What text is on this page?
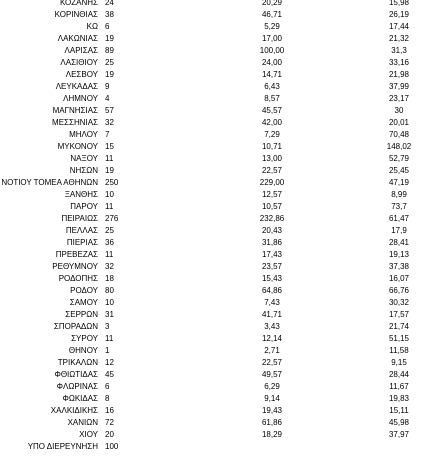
ΚΟΖΑΝΗΣ	24	20,29	15,98
ΚΟΡΙΝΘΙΑΣ	38	46,71	26,19
ΚΩ	6	5,29	17,44
ΛΑΚΩΝΙΑΣ	19	17,00	21,32
ΛΑΡΙΣΑΣ	89	100,00	31,3
ΛΑΣΙΘΙΟΥ	25	24,00	33,16
ΛΕΣΒΟΥ	19	14,71	21,98
ΛΕΥΚΑΔΑΣ	9	6,43	37,99
ΛΗΜΝΟΥ	4	8,57	23,17
ΜΑΓΝΗΣΙΑΣ	57	45,57	30
ΜΕΣΣΗΝΙΑΣ	32	42,00	20,01
ΜΗΛΟΥ	7	7,29	70,48
ΜΥΚΟΝΟΥ	15	10,71	148,02
ΝΑΞΟΥ	11	13,00	52,79
ΝΗΣΩΝ	19	22,57	25,45
ΝΟΤΙΟΥ ΤΟΜΕΑ ΑΘΗΝΩΝ	250	229,00	47,19
ΞΑΝΘΗΣ	10	12,57	8,99
ΠΑΡΟΥ	11	10,57	73,7
ΠΕΙΡΑΙΩΣ	276	232,86	61,47
ΠΕΛΛΑΣ	25	20,43	17,9
ΠΙΕΡΙΑΣ	36	31,86	28,41
ΠΡΕΒΕΖΑΣ	11	17,43	19,13
ΡΕΘΥΜΝΟΥ	32	23,57	37,38
ΡΟΔΟΠΗΣ	18	15,43	16,07
ΡΟΔΟΥ	80	64,86	66,76
ΣΑΜΟΥ	10	7,43	30,32
ΣΕΡΡΩΝ	31	41,71	17,57
ΣΠΟΡΑΔΩΝ	3	3,43	21,74
ΣΥΡΟΥ	11	12,14	51,15
ΘΗΝΟΥ	1	2,71	11,58
ΤΡΙΚΑΛΩΝ	12	22,57	9,15
ΦΘΙΩΤΙΔΑΣ	45	49,57	28,44
ΦΛΩΡΙΝΑΣ	6	6,29	11,67
ΦΩΚΙΔΑΣ	8	9,14	19,83
ΧΑΛΚΙΔΙΚΗΣ	16	19,43	15,11
ΧΑΝΙΩΝ	72	61,86	45,98
ΧΙΟΥ	20	18,29	37,97
ΥΠΟ ΔΙΕΡΕΥΝΗΣΗ	100		
